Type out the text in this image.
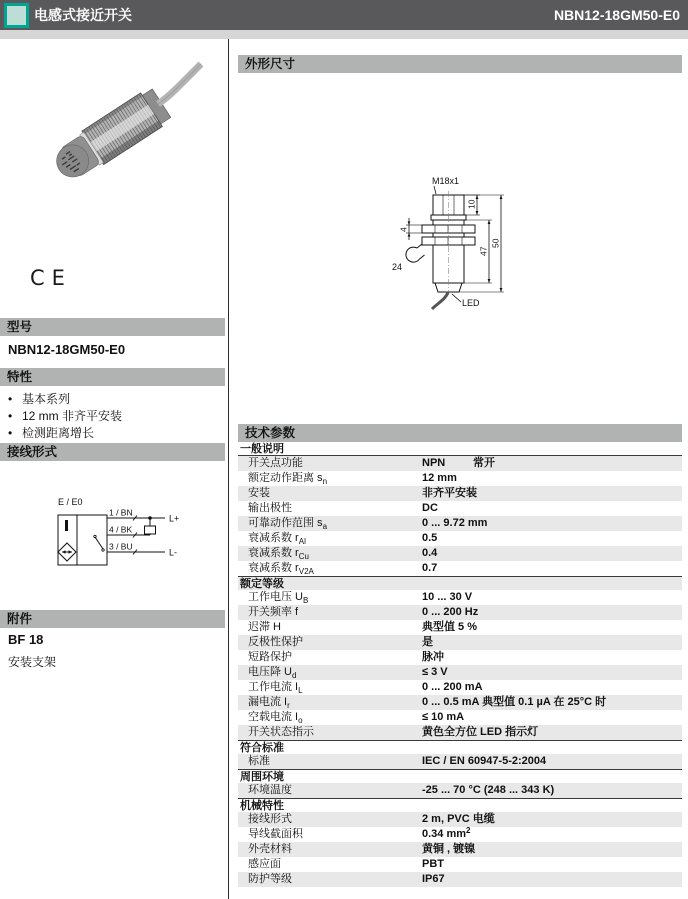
电感式接近开关	NBN12-18GM50-E0
CE
型号
NBN12-18GM50-E0
特性
• 基本系列
• 12 mm 非齐平安装
• 检测距离增长
接线形式
E / E0
1 / BN
4 / BK
3 / BU
L+
L-
附件
BF 18
安装支架
外形尺寸
M18x1
LED
10
47
50
4
24
技术参数
一般说明
开关点功能	NPN	常开
额定动作距离 $s_n$	12 mm
安装	非齐平安装
输出极性	DC
可靠动作范围 $s_a$	0 ... 9.72 mm
衰减系数 $r_{Al}$	0.5
衰减系数 $r_{Cu}$	0.4
衰减系数 $r_{V2A}$	0.7
额定等级
工作电压 $U_B$	10 ... 30 V
开关频率 f	0 ... 200 Hz
迟滞 H	典型值 5 %
反极性保护	是
短路保护	脉冲
电压降 $U_d$	≤ 3 V
工作电流 $I_L$	0 ... 200 mA
漏电流 $I_r$	0 ... 0.5 mA 典型值 0.1 µA 在 25°C 时
空载电流 $I_o$	≤ 10 mA
开关状态指示	黄色全方位 LED 指示灯
符合标准
标准	IEC / EN 60947-5-2:2004
周围环境
环境温度	-25 ... 70 °C (248 ... 343 K)
机械特性
接线形式	2 m, PVC 电缆
导线截面积	0.34 $mm^2$
外壳材料	黄铜 , 镀镍
感应面	PBT
防护等级	IP67
